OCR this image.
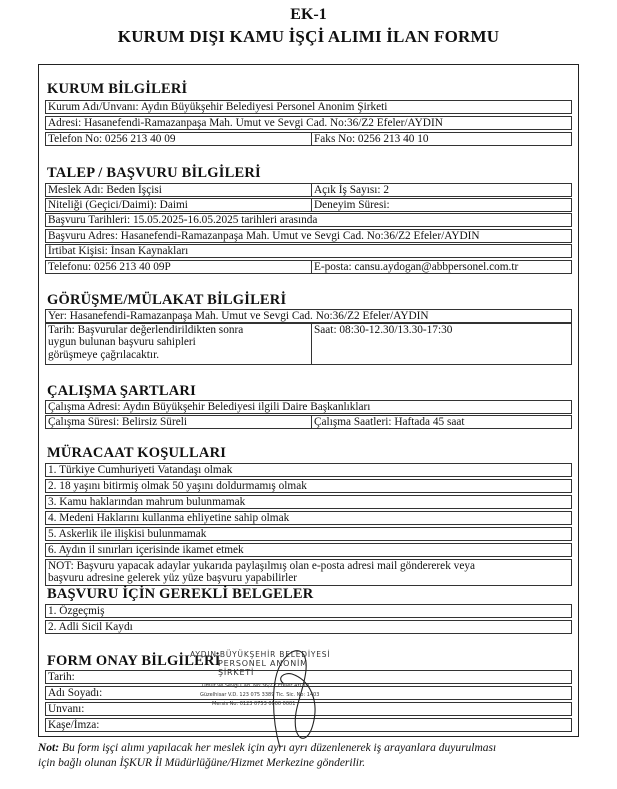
EK-1
KURUM DIŞI KAMU İŞÇİ ALIMI İLAN FORMU
KURUM BİLGİLERİ
Kurum Adı/Unvanı: Aydın Büyükşehir Belediyesi Personel Anonim Şirketi
Adresi: Hasanefendi-Ramazanpaşa Mah. Umut ve Sevgi Cad. No:36/Z2 Efeler/AYDIN
Telefon No: 0256 213 40 09	Faks No: 0256 213 40 10
TALEP / BAŞVURU BİLGİLERİ
Meslek Adı: Beden İşçisi	Açık İş Sayısı: 2
Niteliği (Geçici/Daimi): Daimi	Deneyim Süresi:
Başvuru Tarihleri: 15.05.2025-16.05.2025 tarihleri arasında
Başvuru Adres: Hasanefendi-Ramazanpaşa Mah. Umut ve Sevgi Cad. No:36/Z2 Efeler/AYDIN
İrtibat Kişisi: İnsan Kaynakları
Telefonu: 0256 213 40 09P	E-posta: cansu.aydogan@abbpersonel.com.tr
GÖRÜŞME/MÜLAKAT BİLGİLERİ
Yer: Hasanefendi-Ramazanpaşa Mah. Umut ve Sevgi Cad. No:36/Z2 Efeler/AYDIN
Tarih: Başvurular değerlendirildikten sonra
uygun bulunan başvuru sahipleri
görüşmeye çağrılacaktır.
Saat: 08:30-12.30/13.30-17:30
ÇALIŞMA ŞARTLARI
Çalışma Adresi: Aydın Büyükşehir Belediyesi ilgili Daire Başkanlıkları
Çalışma Süresi: Belirsiz Süreli	Çalışma Saatleri: Haftada 45 saat
MÜRACAAT KOŞULLARI
1. Türkiye Cumhuriyeti Vatandaşı olmak
2. 18 yaşını bitirmiş olmak 50 yaşını doldurmamış olmak
3. Kamu haklarından mahrum bulunmamak
4. Medeni Haklarını kullanma ehliyetine sahip olmak
5. Askerlik ile ilişkisi bulunmamak
6. Aydın il sınırları içerisinde ikamet etmek
NOT: Başvuru yapacak adaylar yukarıda paylaşılmış olan e-posta adresi mail göndererek veya
başvuru adresine gelerek yüz yüze başvuru yapabilirler
BAŞVURU İÇİN GEREKLİ BELGELER
1. Özgeçmiş
2. Adli Sicil Kaydı
FORM ONAY BİLGİLERİ
Tarih:
Adı Soyadı:
Unvanı:
Kaşe/İmza:
AYDIN BÜYÜKŞEHİR BELEDİYESİ
PERSONEL ANONİM ŞİRKETİ
Umut ve Sevgi Cad. No:36/Z2 Efeler AYDIN
Güzelhisar V.D. 123 075 3389 Tic. Sic. No: 1403
Mersis No: 0123 0753 0000 0001
Not: Bu form işçi alımı yapılacak her meslek için ayrı ayrı düzenlenerek iş arayanlara duyurulması
için bağlı olunan İŞKUR İl Müdürlüğüne/Hizmet Merkezine gönderilir.
